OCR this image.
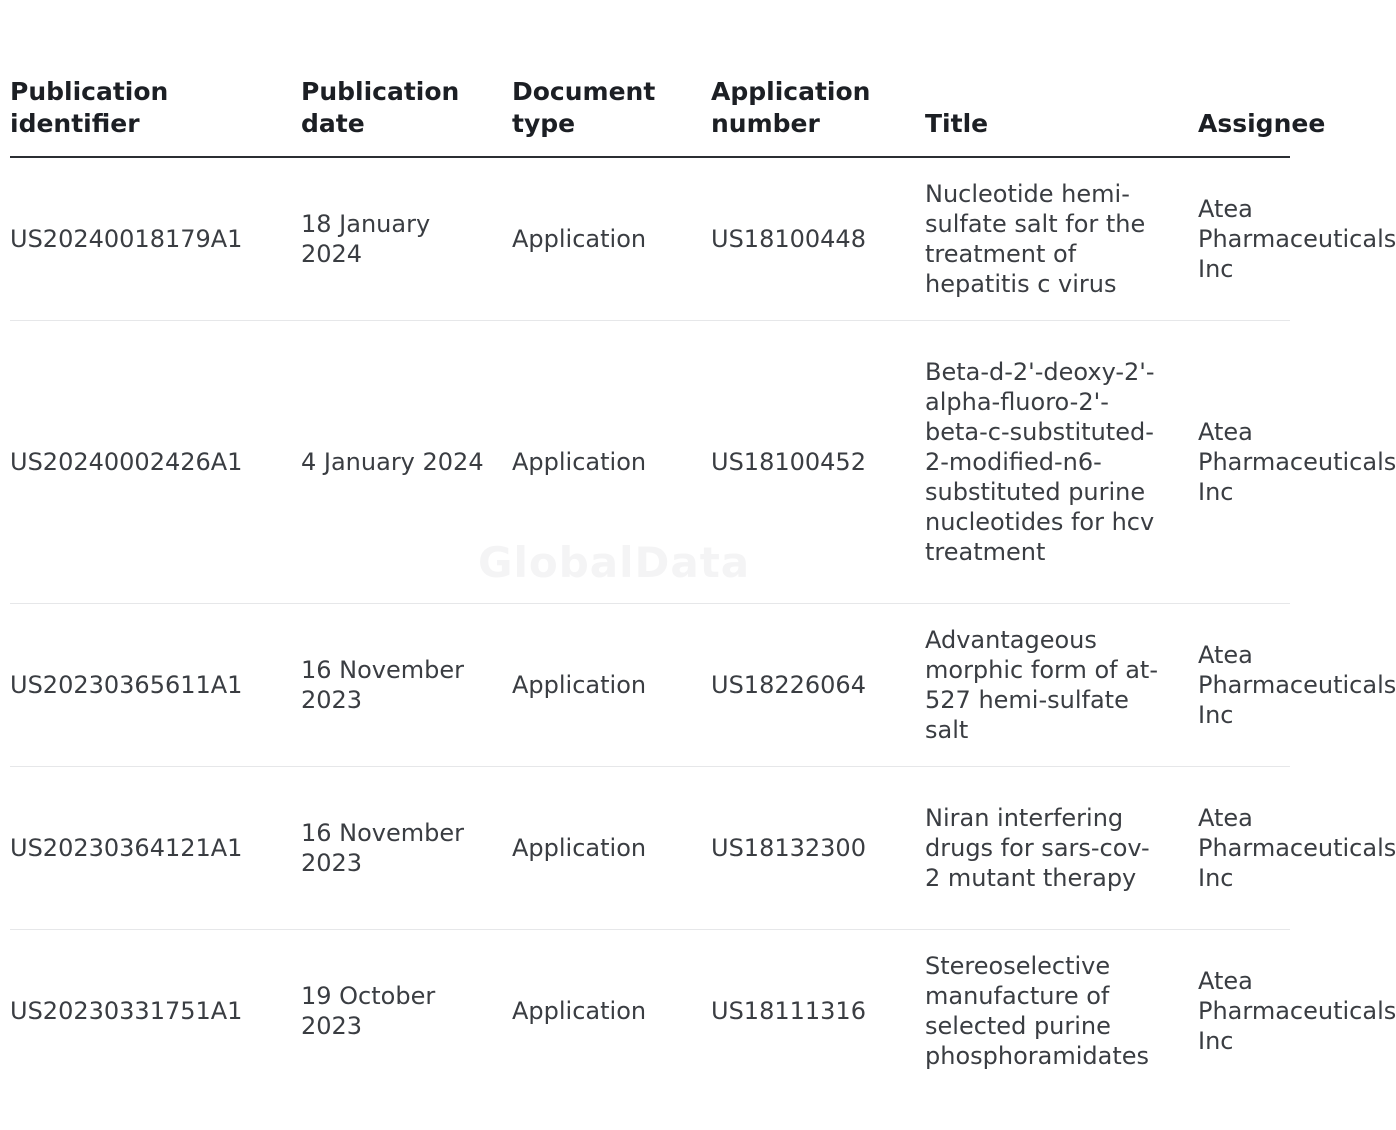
GlobalData
Publication identifier	Publication date	Document type	Application number	Title	Assignee

US20240018179A1	18 January 2024	Application	US18100448	Nucleotide hemi-sulfate salt for the treatment of hepatitis c virus	Atea Pharmaceuticals Inc

US20240002426A1	4 January 2024	Application	US18100452	Beta-d-2'-deoxy-2'-alpha-fluoro-2'-beta-c-substituted-2-modified-n6-substituted purine nucleotides for hcv treatment	Atea Pharmaceuticals Inc

US20230365611A1	16 November 2023	Application	US18226064	Advantageous morphic form of at-527 hemi-sulfate salt	Atea Pharmaceuticals Inc

US20230364121A1	16 November 2023	Application	US18132300	Niran interfering drugs for sars-cov-2 mutant therapy	Atea Pharmaceuticals Inc

US20230331751A1	19 October 2023	Application	US18111316	Stereoselective manufacture of selected purine phosphoramidates	Atea Pharmaceuticals Inc
